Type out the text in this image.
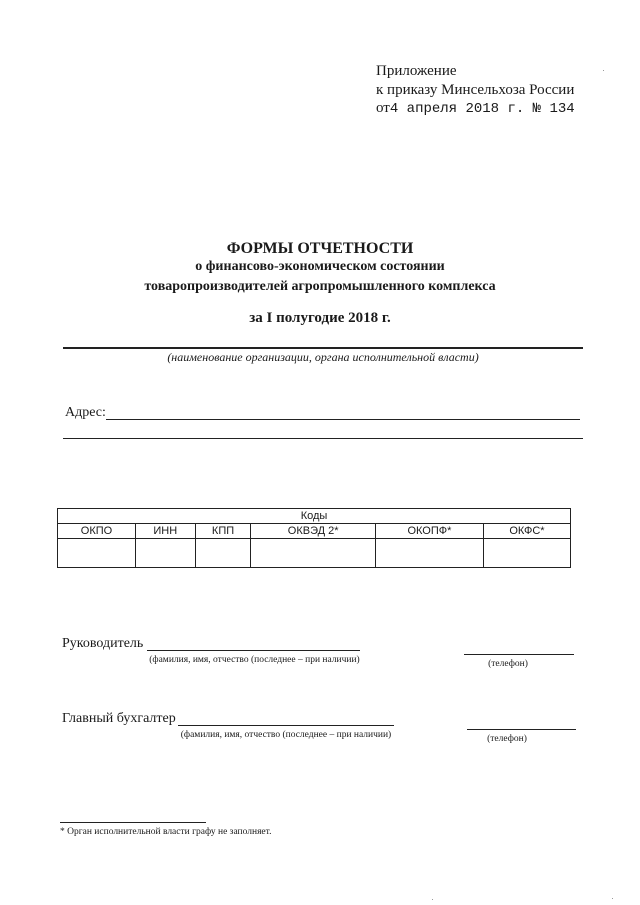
Приложение
к приказу Минсельхоза России
от4 апреля 2018 г. № 134
ФОРМЫ ОТЧЕТНОСТИ
о финансово-экономическом состоянии
товаропроизводителей агропромышленного комплекса
за I полугодие 2018 г.
(наименование организации, органа исполнительной власти)
Адрес:
Коды					
ОКПО	ИНН	КПП	ОКВЭД 2*	ОКОПФ*	ОКФС*

Руководитель
(фамилия, имя, отчество (последнее – при наличии)	(телефон)
Главный бухгалтер
(фамилия, имя, отчество (последнее – при наличии)	(телефон)
* Орган исполнительной власти графу не заполняет.
